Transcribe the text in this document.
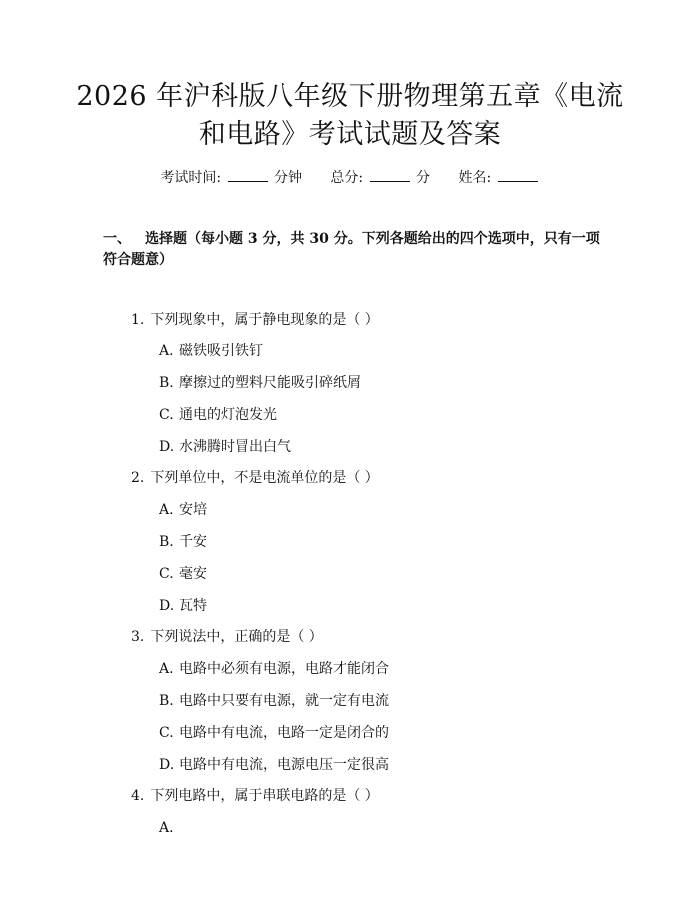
2026 年沪科版八年级下册物理第五章《电流
和电路》考试试题及答案
考试时间:	分钟 总分:	分 姓名:
一、 选择题（每小题 3 分，共 30 分。下列各题给出的四个选项中，只有一项符合题意）
1. 下列现象中，属于静电现象的是（ ）
A. 磁铁吸引铁钉
B. 摩擦过的塑料尺能吸引碎纸屑
C. 通电的灯泡发光
D. 水沸腾时冒出白气
2. 下列单位中，不是电流单位的是（ ）
A. 安培
B. 千安
C. 毫安
D. 瓦特
3. 下列说法中，正确的是（ ）
A. 电路中必须有电源，电路才能闭合
B. 电路中只要有电源，就一定有电流
C. 电路中有电流，电路一定是闭合的
D. 电路中有电流，电源电压一定很高
4. 下列电路中，属于串联电路的是（ ）
A.
